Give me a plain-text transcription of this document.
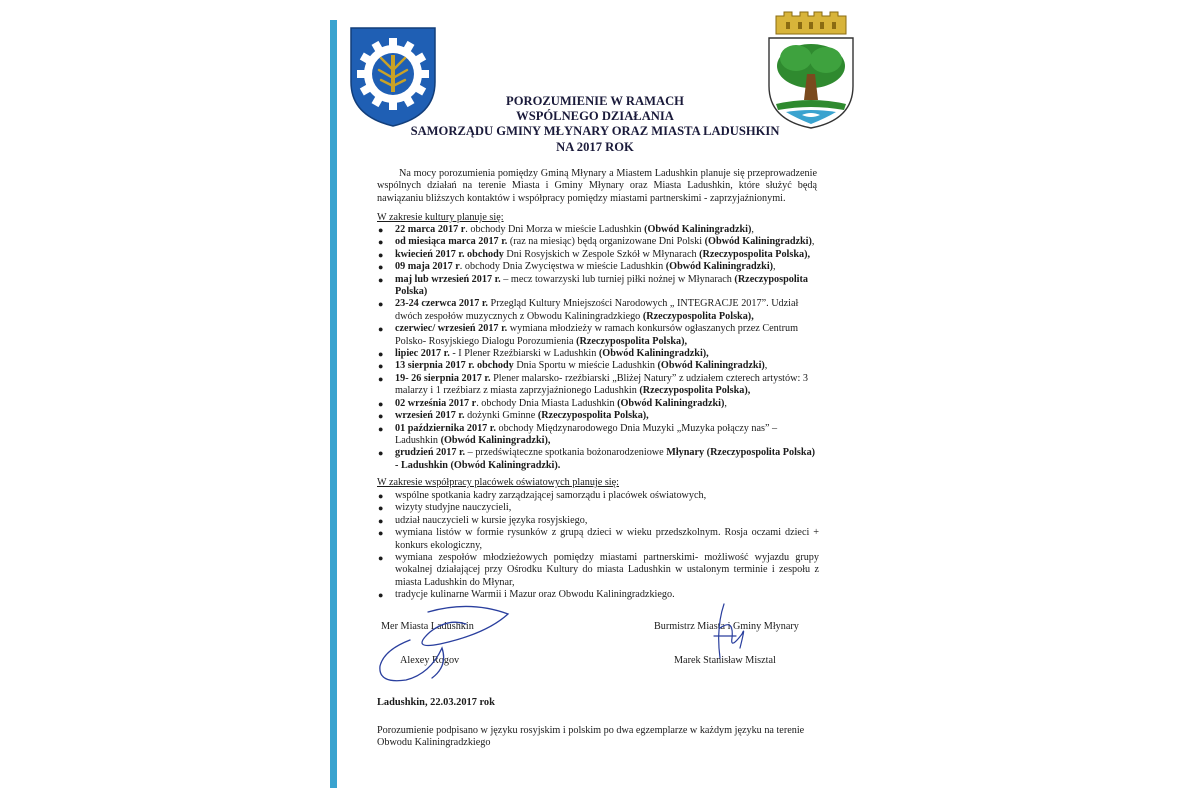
POROZUMIENIE W RAMACH
WSPÓLNEGO DZIAŁANIA
SAMORZĄDU GMINY MŁYNARY ORAZ MIASTA LADUSHKIN
NA 2017 ROK

Na mocy porozumienia pomiędzy Gminą Młynary a Miastem Ladushkin planuje się przeprowadzenie wspólnych działań na terenie Miasta i Gminy Młynary oraz Miasta Ladushkin, które służyć będą nawiązaniu bliższych kontaktów i współpracy pomiędzy miastami partnerskimi - zaprzyjaźnionymi.

W zakresie kultury planuje się:
● 22 marca 2017 r. obchody Dni Morza w mieście Ladushkin (Obwód Kaliningradzki),
● od miesiąca marca 2017 r. (raz na miesiąc) będą organizowane Dni Polski (Obwód Kaliningradzki),
● kwiecień 2017 r. obchody Dni Rosyjskich w Zespole Szkół w Młynarach (Rzeczypospolita Polska),
● 09 maja 2017 r. obchody Dnia Zwycięstwa w mieście Ladushkin (Obwód Kaliningradzki),
● maj lub wrzesień 2017 r. – mecz towarzyski lub turniej piłki nożnej w Młynarach (Rzeczypospolita Polska)
● 23-24 czerwca 2017 r. Przegląd Kultury Mniejszości Narodowych „ INTEGRACJE 2017”. Udział dwóch zespołów muzycznych z Obwodu Kaliningradzkiego (Rzeczypospolita Polska),
● czerwiec/ wrzesień 2017 r. wymiana młodzieży w ramach konkursów ogłaszanych przez Centrum Polsko- Rosyjskiego Dialogu Porozumienia (Rzeczypospolita Polska),
● lipiec 2017 r. - I Plener Rzeźbiarski w Ladushkin (Obwód Kaliningradzki),
● 13 sierpnia 2017 r. obchody Dnia Sportu w mieście Ladushkin (Obwód Kaliningradzki),
● 19- 26 sierpnia 2017 r. Plener malarsko- rzeźbiarski „Bliżej Natury” z udziałem czterech artystów: 3 malarzy i 1 rzeźbiarz z miasta zaprzyjaźnionego Ladushkin (Rzeczypospolita Polska),
● 02 września 2017 r. obchody Dnia Miasta Ladushkin (Obwód Kaliningradzki),
● wrzesień 2017 r. dożynki Gminne (Rzeczypospolita Polska),
● 01 października 2017 r. obchody Międzynarodowego Dnia Muzyki „Muzyka połączy nas” – Ladushkin (Obwód Kaliningradzki),
● grudzień 2017 r. – przedświąteczne spotkania bożonarodzeniowe Młynary (Rzeczypospolita Polska) - Ladushkin (Obwód Kaliningradzki).
W zakresie współpracy placówek oświatowych planuje się:
● wspólne spotkania kadry zarządzającej samorządu i placówek oświatowych,
● wizyty studyjne nauczycieli,
● udział nauczycieli w kursie języka rosyjskiego,
● wymiana listów w formie rysunków z grupą dzieci w wieku przedszkolnym. Rosja oczami dzieci + konkurs ekologiczny,
● wymiana zespołów młodzieżowych pomiędzy miastami partnerskimi- możliwość wyjazdu grupy wokalnej działającej przy Ośrodku Kultury do miasta Ladushkin w ustalonym terminie i zespołu z miasta Ladushkin do Młynar,
● tradycje kulinarne Warmii i Mazur oraz Obwodu Kaliningradzkiego.
Mer Miasta Ladushkin
Alexey Rogov
Burmistrz Miasta i Gminy Młynary
Marek Stanisław Misztal
Ladushkin, 22.03.2017 rok

Porozumienie podpisano w języku rosyjskim i polskim po dwa egzemplarze w każdym języku na terenie Obwodu Kaliningradzkiego
